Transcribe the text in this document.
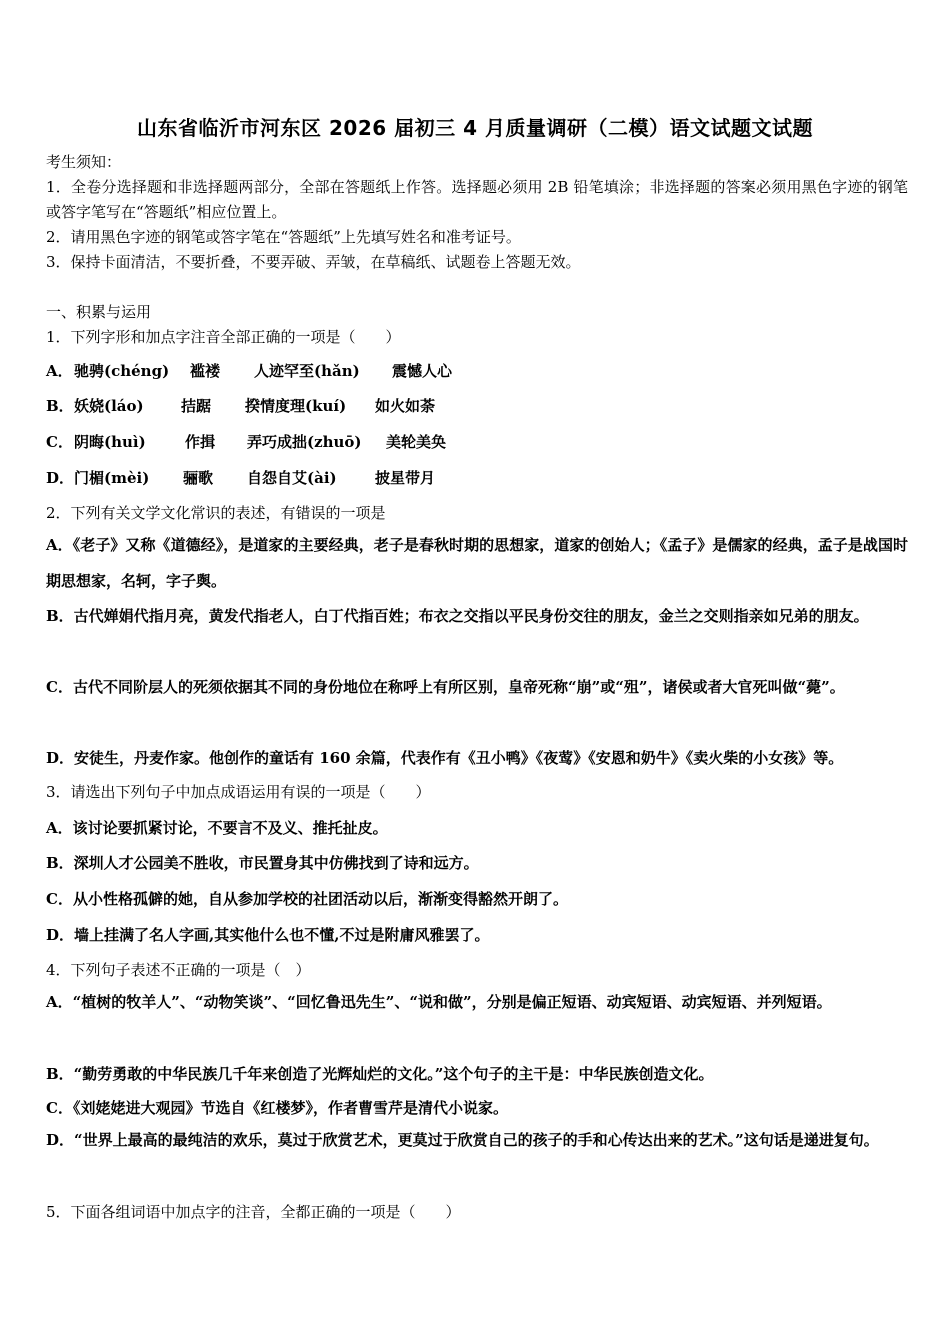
山东省临沂市河东区 2026 届初三 4 月质量调研（二模）语文试题文试题
考生须知：
1．全卷分选择题和非选择题两部分，全部在答题纸上作答。选择题必须用 2B 铅笔填涂；非选择题的答案必须用黑色字迹的钢笔或答字笔写在“答题纸”相应位置上。
2．请用黑色字迹的钢笔或答字笔在“答题纸”上先填写姓名和准考证号。
3．保持卡面清洁，不要折叠，不要弄破、弄皱，在草稿纸、试题卷上答题无效。
一、积累与运用
1．下列字形和加点字注音全部正确的一项是（　　）
A． 驰骋(chéng) 褴褛 人迹罕至(hǎn) 震憾人心
B． 妖娆(láo) 拮踞 揆情度理(kuí) 如火如荼
C． 阴晦(huì)	作揖 弄巧成拙(zhuō) 美轮美奂
D． 门楣(mèi) 骊歌 自怨自艾(ài)	披星带月
2．下列有关文学文化常识的表述，有错误的一项是
A．《老子》又称《道德经》，是道家的主要经典，老子是春秋时期的思想家，道家的创始人；《孟子》是儒家的经典，孟子是战国时期思想家，名轲，字子舆。
B．古代婵娟代指月亮，黄发代指老人，白丁代指百姓；布衣之交指以平民身份交往的朋友，金兰之交则指亲如兄弟的朋友。
C．古代不同阶层人的死须依据其不同的身份地位在称呼上有所区别，皇帝死称“崩”或“殂”，诸侯或者大官死叫做“薨”。
D．安徒生，丹麦作家。他创作的童话有 160 余篇，代表作有《丑小鸭》《夜莺》《安恩和奶牛》《卖火柴的小女孩》等。
3．请选出下列句子中加点成语运用有误的一项是（　　）
A．该讨论要抓紧讨论，不要言不及义、推托扯皮。
B．深圳人才公园美不胜收，市民置身其中仿佛找到了诗和远方。
C．从小性格孤僻的她，自从参加学校的社团活动以后，渐渐变得豁然开朗了。
D．墙上挂满了名人字画,其实他什么也不懂,不过是附庸风雅罢了。
4．下列句子表述不正确的一项是（　）
A．“植树的牧羊人”、“动物笑谈”、“回忆鲁迅先生”、“说和做”，分别是偏正短语、动宾短语、动宾短语、并列短语。
B．“勤劳勇敢的中华民族几千年来创造了光辉灿烂的文化。”这个句子的主干是：中华民族创造文化。
C．《刘姥姥进大观园》节选自《红楼梦》，作者曹雪芹是清代小说家。
D．“世界上最高的最纯洁的欢乐，莫过于欣赏艺术，更莫过于欣赏自己的孩子的手和心传达出来的艺术。”这句话是递进复句。
5．下面各组词语中加点字的注音，全都正确的一项是（　　）
